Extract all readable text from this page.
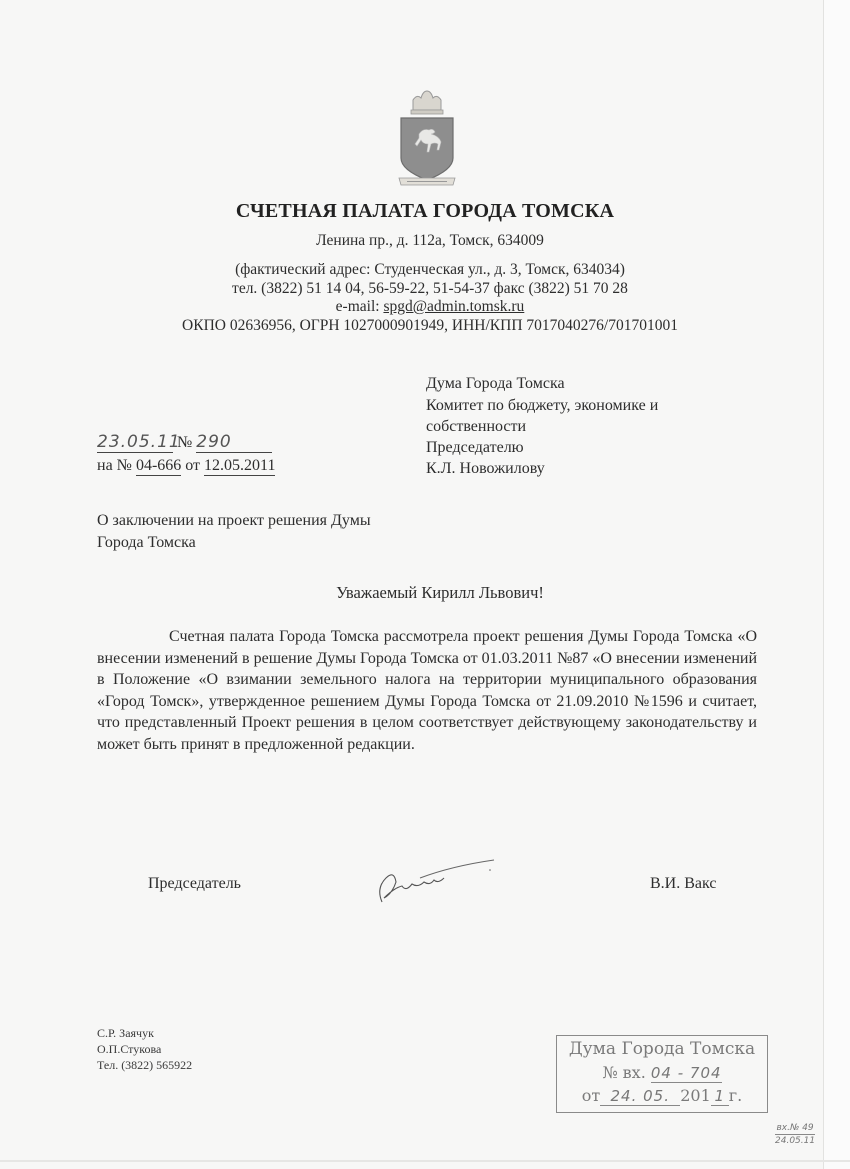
СЧЕТНАЯ ПАЛАТА ГОРОДА ТОМСКА
Ленина пр., д. 112а, Томск, 634009
(фактический адрес: Студенческая ул., д. 3, Томск, 634034)
тел. (3822) 51 14 04, 56-59-22, 51-54-37 факс (3822) 51 70 28
e-mail: spgd@admin.tomsk.ru
ОКПО 02636956, ОГРН 1027000901949, ИНН/КПП 7017040276/701701001
Дума Города Томска
Комитет по бюджету, экономике и
собственности
Председателю
К.Л. Новожилову
23.05.11 № 290
на № 04-666 от 12.05.2011
О заключении на проект решения Думы
Города Томска
Уважаемый Кирилл Львович!
Счетная палата Города Томска рассмотрела проект решения Думы Города Томска «О внесении изменений в решение Думы Города Томска от 01.03.2011 №87 «О внесении изменений в Положение «О взимании земельного налога на территории муниципального образования «Город Томск», утвержденное решением Думы Города Томска от 21.09.2010 №1596 и считает, что представленный Проект решения в целом соответствует действующему законодательству и может быть принят в предложенной редакции.
Председатель	В.И. Вакс
С.Р. Заячук
О.П.Стукова
Тел. (3822) 565922
Дума Города Томска
№ вх. 04 - 704
от 24. 05. 201 1 г.
вх.№ 49
24.05.11
